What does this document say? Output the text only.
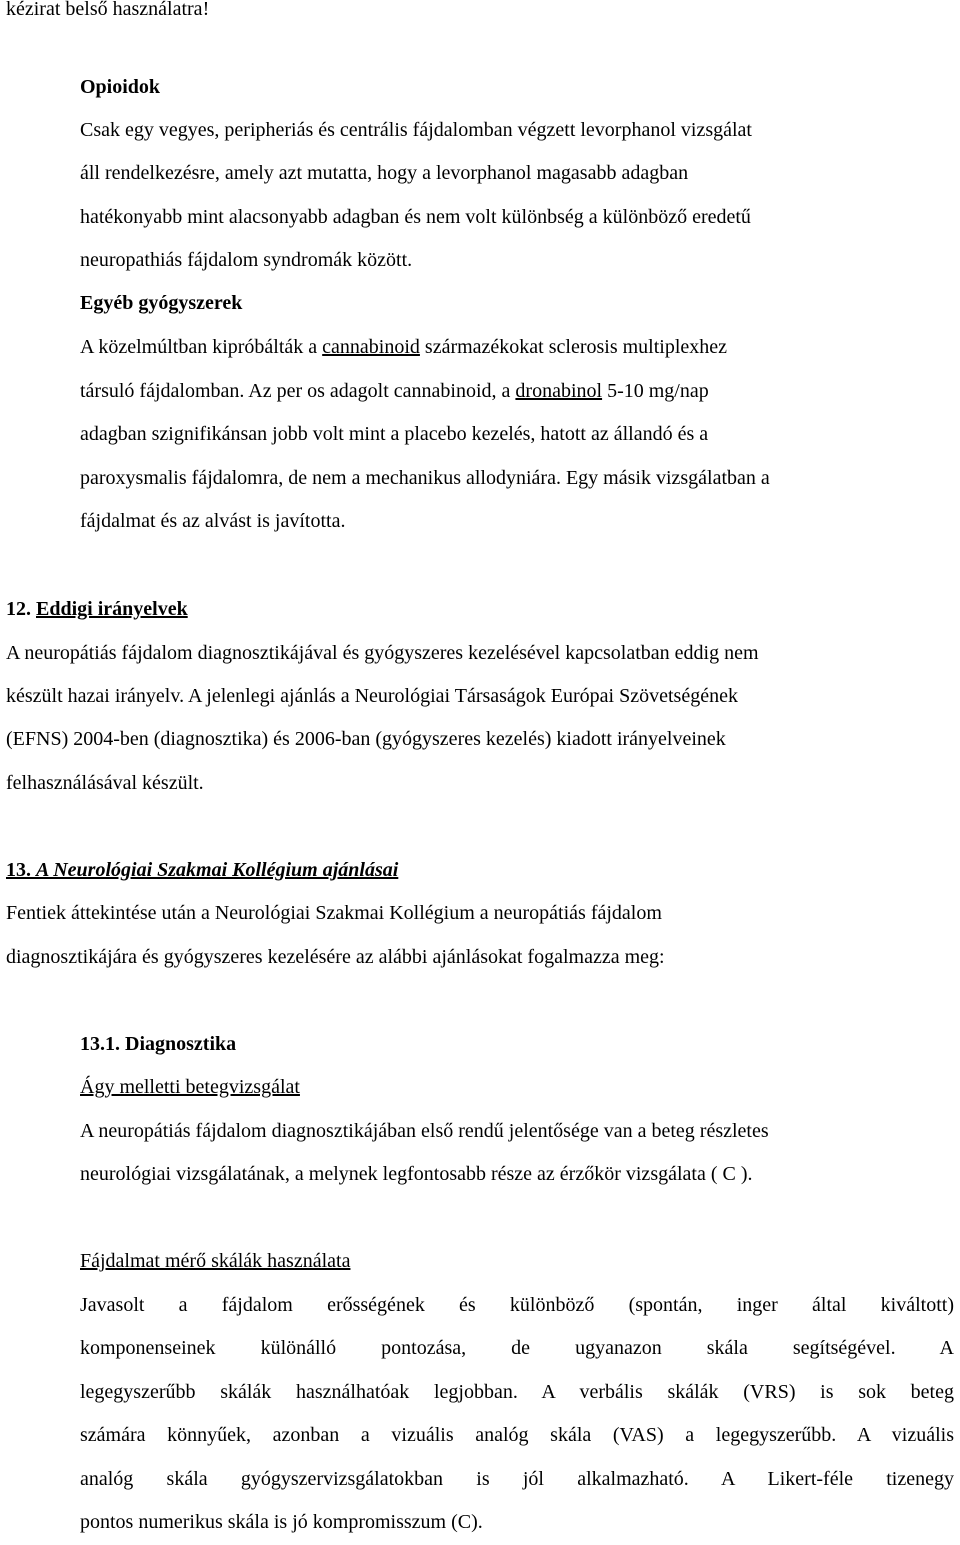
kézirat belső használatra!
Opioidok
Csak egy vegyes, peripheriás és centrális fájdalomban végzett levorphanol vizsgálat
áll rendelkezésre, amely azt mutatta, hogy a levorphanol magasabb adagban
hatékonyabb mint alacsonyabb adagban és nem volt különbség a különböző eredetű
neuropathiás fájdalom syndromák között.
Egyéb gyógyszerek
A közelmúltban kipróbálták a cannabinoid származékokat sclerosis multiplexhez
társuló fájdalomban. Az per os adagolt cannabinoid, a dronabinol 5-10 mg/nap
adagban szignifikánsan jobb volt mint a placebo kezelés, hatott az állandó és a
paroxysmalis fájdalomra, de nem a mechanikus allodyniára. Egy másik vizsgálatban a
fájdalmat és az alvást is javította.
12. Eddigi irányelvek
A neuropátiás fájdalom diagnosztikájával és gyógyszeres kezelésével kapcsolatban eddig nem
készült hazai irányelv. A jelenlegi ajánlás a Neurológiai Társaságok Európai Szövetségének
(EFNS) 2004-ben (diagnosztika) és 2006-ban (gyógyszeres kezelés) kiadott irányelveinek
felhasználásával készült.
13. A Neurológiai Szakmai Kollégium ajánlásai
Fentiek áttekintése után a Neurológiai Szakmai Kollégium a neuropátiás fájdalom
diagnosztikájára és gyógyszeres kezelésére az alábbi ajánlásokat fogalmazza meg:
13.1. Diagnosztika
Ágy melletti betegvizsgálat
A neuropátiás fájdalom diagnosztikájában első rendű jelentősége van a beteg részletes
neurológiai vizsgálatának, a melynek legfontosabb része az érzőkör vizsgálata ( C ).
Fájdalmat mérő skálák használata
Javasolt a fájdalom erősségének és különböző (spontán, inger által kiváltott)
komponenseinek különálló pontozása, de ugyanazon skála segítségével. A
legegyszerűbb skálák használhatóak legjobban. A verbális skálák (VRS) is sok beteg
számára könnyűek, azonban a vizuális analóg skála (VAS) a legegyszerűbb. A vizuális
analóg skála gyógyszervizsgálatokban is jól alkalmazható. A Likert-féle tizenegy
pontos numerikus skála is jó kompromisszum (C).
